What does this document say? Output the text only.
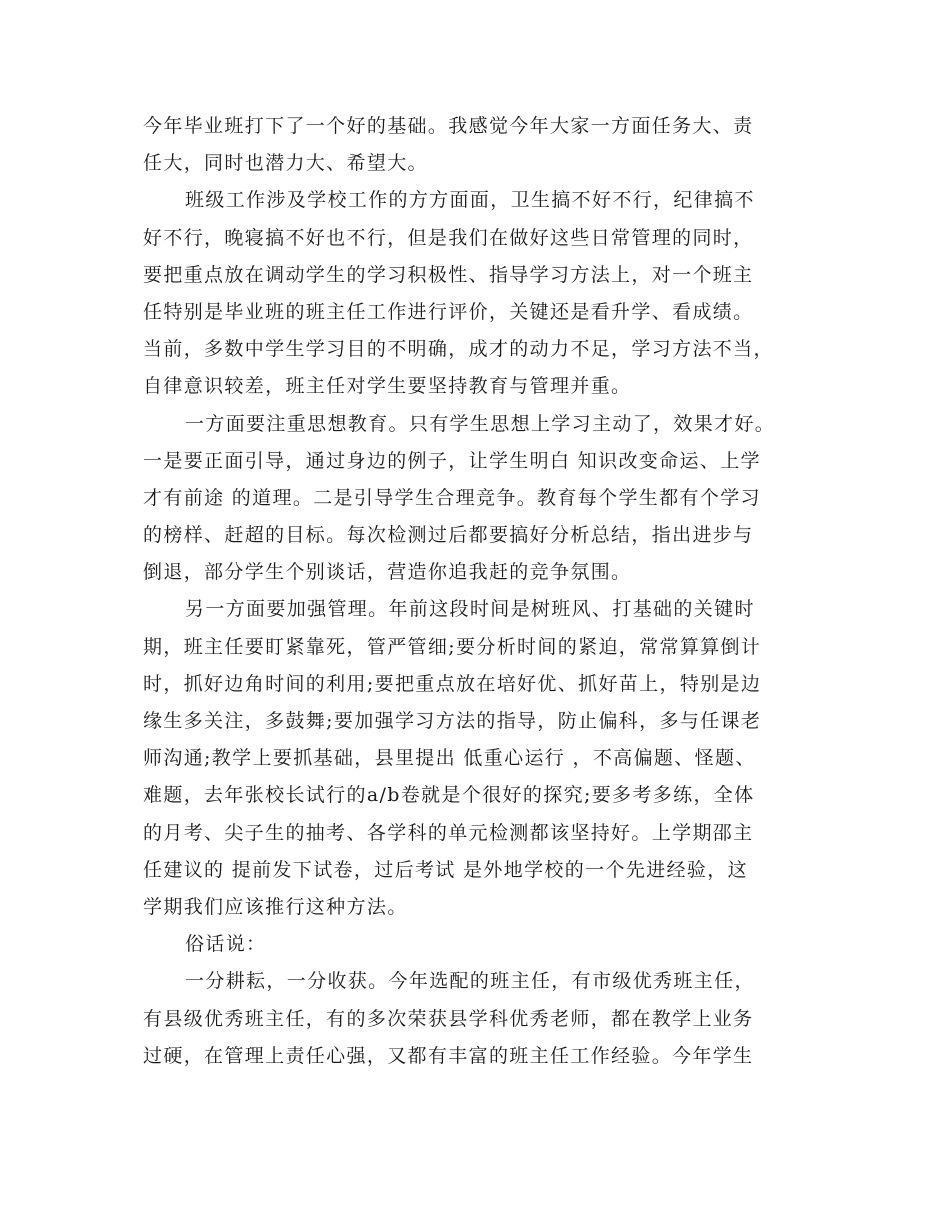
今年毕业班打下了一个好的基础。我感觉今年大家一方面任务大、责
任大，同时也潜力大、希望大。
班级工作涉及学校工作的方方面面，卫生搞不好不行，纪律搞不
好不行，晚寝搞不好也不行，但是我们在做好这些日常管理的同时，
要把重点放在调动学生的学习积极性、指导学习方法上，对一个班主
任特别是毕业班的班主任工作进行评价，关键还是看升学、看成绩。
当前，多数中学生学习目的不明确，成才的动力不足，学习方法不当，
自律意识较差，班主任对学生要坚持教育与管理并重。
一方面要注重思想教育。只有学生思想上学习主动了，效果才好。
一是要正面引导，通过身边的例子，让学生明白 知识改变命运、上学
才有前途 的道理。二是引导学生合理竞争。教育每个学生都有个学习
的榜样、赶超的目标。每次检测过后都要搞好分析总结，指出进步与
倒退，部分学生个别谈话，营造你追我赶的竞争氛围。
另一方面要加强管理。年前这段时间是树班风、打基础的关键时
期，班主任要盯紧靠死，管严管细;要分析时间的紧迫，常常算算倒计
时，抓好边角时间的利用;要把重点放在培好优、抓好苗上，特别是边
缘生多关注，多鼓舞;要加强学习方法的指导，防止偏科，多与任课老
师沟通;教学上要抓基础，县里提出 低重心运行 ，不高偏题、怪题、
难题，去年张校长试行的a/b卷就是个很好的探究;要多考多练，全体
的月考、尖子生的抽考、各学科的单元检测都该坚持好。上学期邵主
任建议的 提前发下试卷，过后考试 是外地学校的一个先进经验，这
学期我们应该推行这种方法。
俗话说：
一分耕耘，一分收获。今年选配的班主任，有市级优秀班主任，
有县级优秀班主任，有的多次荣获县学科优秀老师，都在教学上业务
过硬，在管理上责任心强，又都有丰富的班主任工作经验。今年学生
